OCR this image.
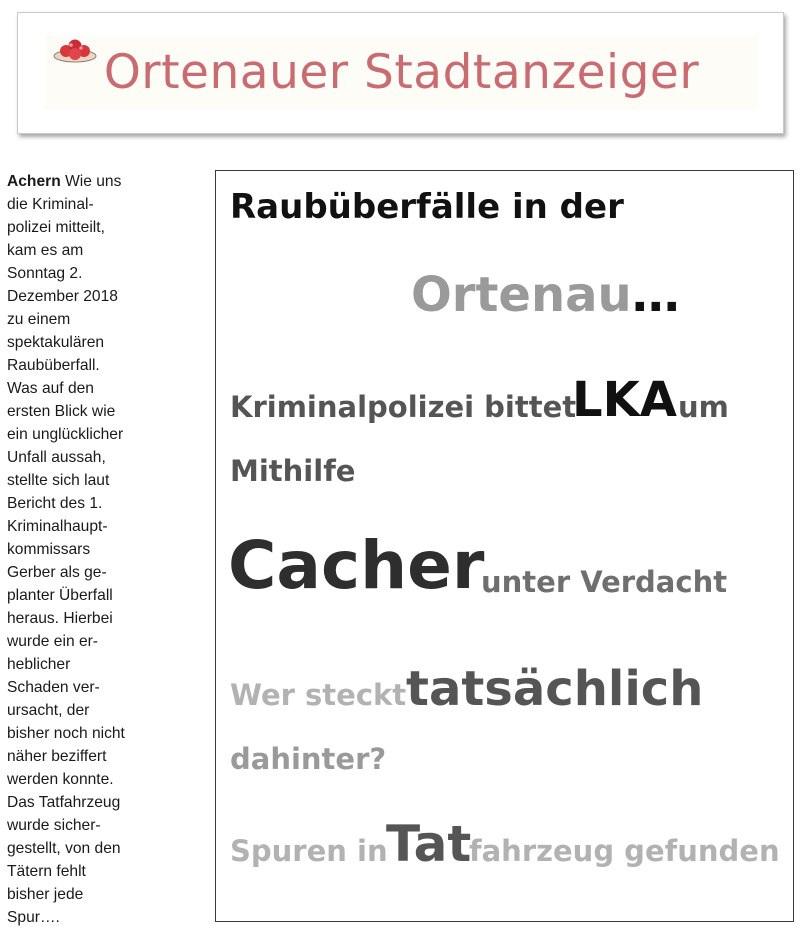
Ortenauer Stadtanzeiger
Achern Wie uns
die Kriminal-
polizei mitteilt,
kam es am
Sonntag 2.
Dezember 2018
zu einem
spektakulären
Raubüberfall.
Was auf den
ersten Blick wie
ein unglücklicher
Unfall aussah,
stellte sich laut
Bericht des 1.
Kriminalhaupt-
kommissars
Gerber als ge-
planter Überfall
heraus. Hierbei
wurde ein er-
heblicher
Schaden ver-
ursacht, der
bisher noch nicht
näher beziffert
werden konnte.
Das Tatfahrzeug
wurde sicher-
gestellt, von den
Tätern fehlt
bisher jede
Spur….
Raubüberfälle in der
Ortenau…
Kriminalpolizei bittet
LKA um
Mithilfe
Cacher
unter Verdacht
Wer steckt tatsächlich
dahinter?
Spuren in
Tat
fahrzeug gefunden
